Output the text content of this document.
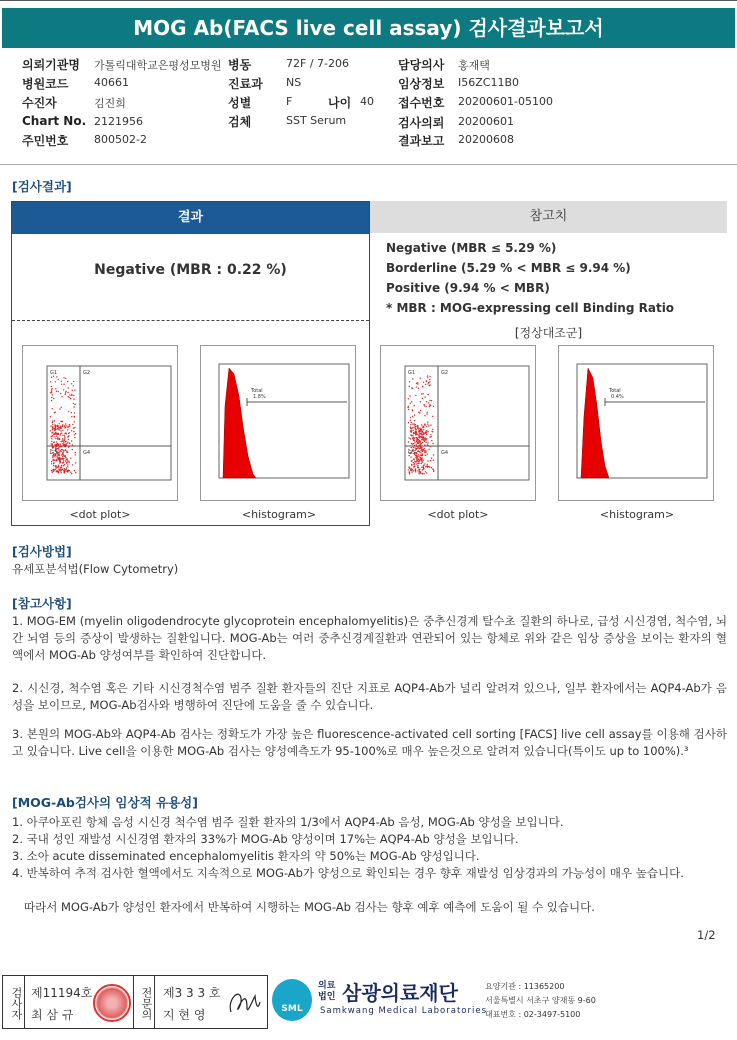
MOG Ab(FACS live cell assay) 검사결과보고서
의뢰기관명 가톨릭대학교은평성모병원 병동	72F / 7-206	담당의사 홍재택
병원코드 40661	진료과 NS	임상정보 I56ZC11B0
수진자	김진희	성별	F	나이 40 접수번호 20200601-05100
Chart No. 2121956	검체	SST Serum	검사의뢰 20200601
주민번호 800502-2	결과보고 20200608
[검사결과]
결과
Negative (MBR : 0.22 %)
참고치
Negative (MBR ≤ 5.29 %)
Borderline (5.29 % < MBR ≤ 9.94 %)
Positive (9.94 % < MBR)
* MBR : MOG-expressing cell Binding Ratio
[정상대조군]
G1	G2
G3	G4
<dot plot>
Total
1.8%
<histogram>
G1	G2
G3	G4
<dot plot>
Total
0.4%
<histogram>
[검사방법]
유세포분석법(Flow Cytometry)
[참고사항]
1. MOG-EM (myelin oligodendrocyte glycoprotein encephalomyelitis)은 중추신경계 탈수초 질환의 하나로, 급성 시신경염, 척수염, 뇌간 뇌염 등의 증상이 발생하는 질환입니다. MOG-Ab는 여러 중추신경계질환과 연관되어 있는 항체로 위와 같은 임상 증상을 보이는 환자의 혈액에서 MOG-Ab 양성여부를 확인하여 진단합니다.
2. 시신경, 척수염 혹은 기타 시신경척수염 범주 질환 환자들의 진단 지표로 AQP4-Ab가 널리 알려져 있으나, 일부 환자에서는 AQP4-Ab가 음성을 보이므로, MOG-Ab검사와 병행하여 진단에 도움을 줄 수 있습니다.
3. 본원의 MOG-Ab와 AQP4-Ab 검사는 정확도가 가장 높은 fluorescence-activated cell sorting [FACS] live cell assay를 이용해 검사하고 있습니다. Live cell을 이용한 MOG-Ab 검사는 양성예측도가 95-100%로 매우 높은것으로 알려져 있습니다(특이도 up to 100%).³
[MOG-Ab검사의 임상적 유용성]
1. 아쿠아포린 항체 음성 시신경 척수염 범주 질환 환자의 1/3에서 AQP4-Ab 음성, MOG-Ab 양성을 보입니다.
2. 국내 성인 재발성 시신경염 환자의 33%가 MOG-Ab 양성이며 17%는 AQP4-Ab 양성을 보입니다.
3. 소아 acute disseminated encephalomyelitis 환자의 약 50%는 MOG-Ab 양성입니다.
4. 반복하여 추적 검사한 혈액에서도 지속적으로 MOG-Ab가 양성으로 확인되는 경우 향후 재발성 임상경과의 가능성이 매우 높습니다.
따라서 MOG-Ab가 양성인 환자에서 반복하여 시행하는 MOG-Ab 검사는 향후 예후 예측에 도움이 될 수 있습니다.
1/2
검사자 제11194호
최 삼 규	전문의 제3 3 3 호
지 현 영	SML
의료법인 삼광의료재단
Samkwang Medical Laboratories
요양기관 : 11365200
서울특별시 서초구 양재동 9-60
대표번호 : 02-3497-5100
